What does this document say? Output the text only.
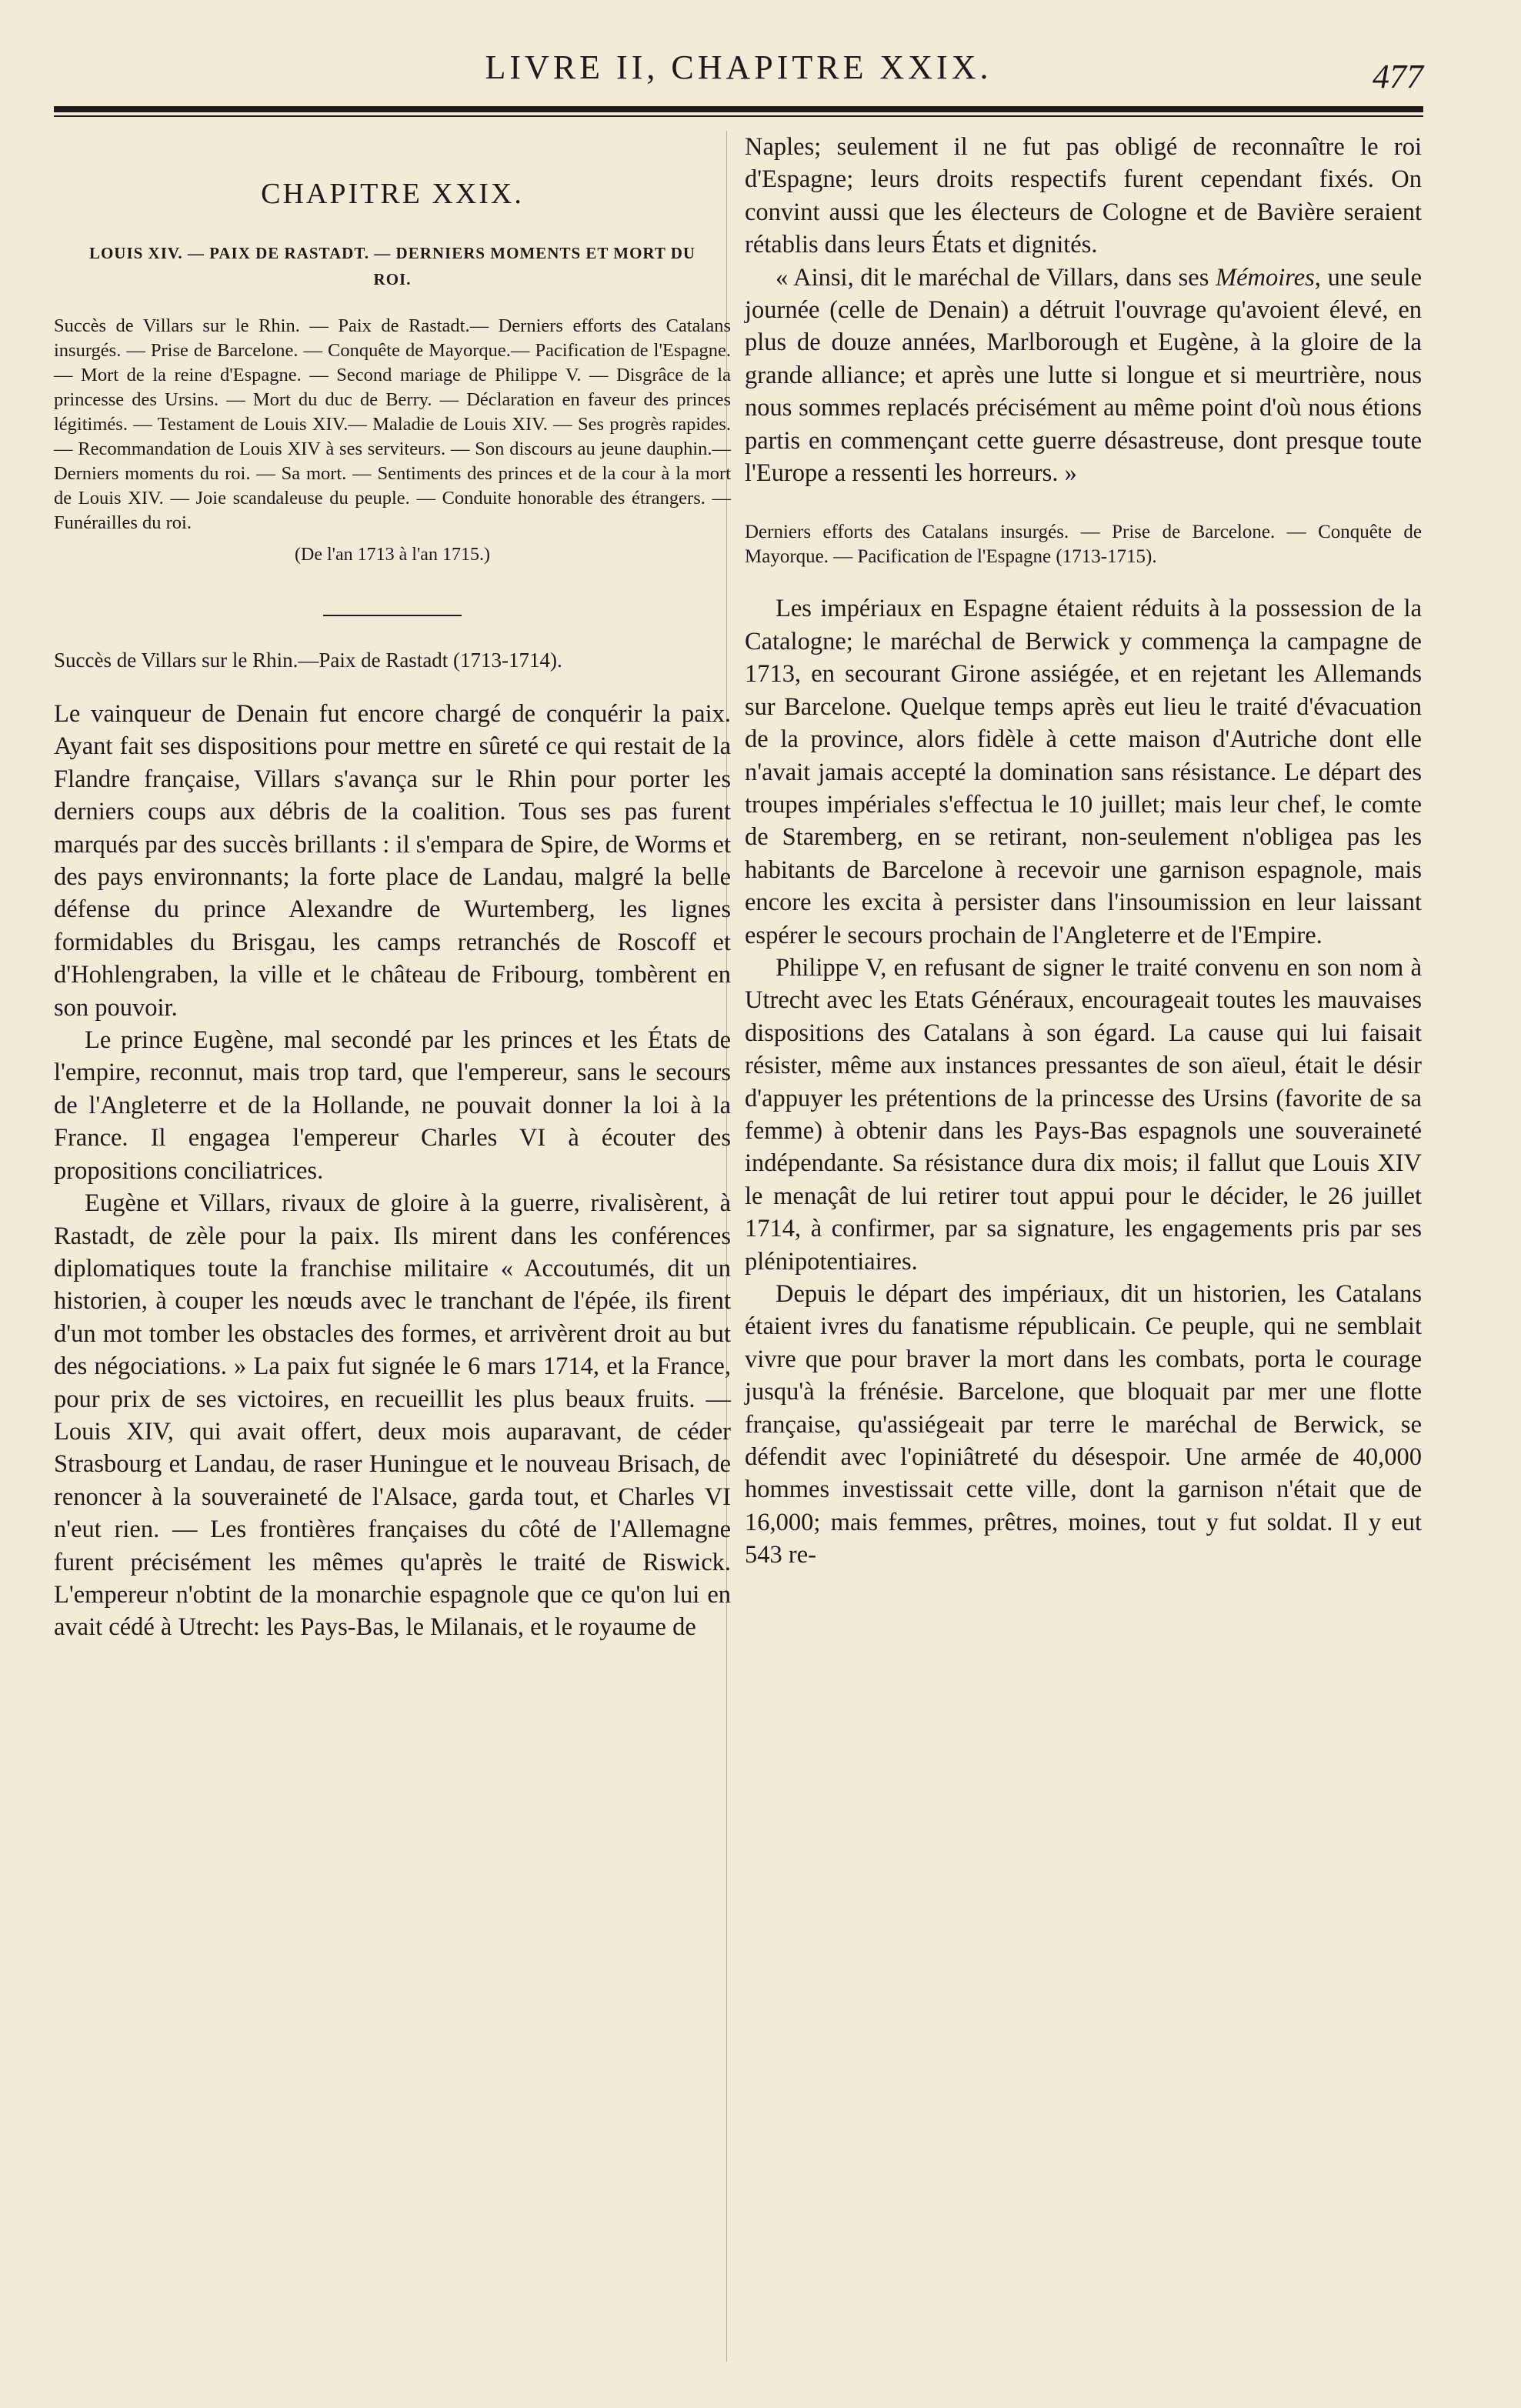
LIVRE II, CHAPITRE XXIX.	477
CHAPITRE XXIX.
LOUIS XIV. — PAIX DE RASTADT. — DERNIERS MOMENTS ET MORT DU ROI.
Succès de Villars sur le Rhin. — Paix de Rastadt.— Derniers efforts des Catalans insurgés. — Prise de Barcelone. — Conquête de Mayorque.— Pacification de l'Espagne. — Mort de la reine d'Espagne. — Second mariage de Philippe V. — Disgrâce de la princesse des Ursins. — Mort du duc de Berry. — Déclaration en faveur des princes légitimés. — Testament de Louis XIV.— Maladie de Louis XIV. — Ses progrès rapides. — Recommandation de Louis XIV à ses serviteurs. — Son discours au jeune dauphin.— Derniers moments du roi. — Sa mort. — Sentiments des princes et de la cour à la mort de Louis XIV. — Joie scandaleuse du peuple. — Conduite honorable des étrangers. — Funérailles du roi.
(De l'an 1713 à l'an 1715.)
Succès de Villars sur le Rhin.—Paix de Rastadt (1713-1714).

Le vainqueur de Denain fut encore chargé de conquérir la paix. Ayant fait ses dispositions pour mettre en sûreté ce qui restait de la Flandre française, Villars s'avança sur le Rhin pour porter les derniers coups aux débris de la coalition. Tous ses pas furent marqués par des succès brillants : il s'empara de Spire, de Worms et des pays environnants; la forte place de Landau, malgré la belle défense du prince Alexandre de Wurtemberg, les lignes formidables du Brisgau, les camps retranchés de Roscoff et d'Hohlengraben, la ville et le château de Fribourg, tombèrent en son pouvoir.

Le prince Eugène, mal secondé par les princes et les États de l'empire, reconnut, mais trop tard, que l'empereur, sans le secours de l'Angleterre et de la Hollande, ne pouvait donner la loi à la France. Il engagea l'empereur Charles VI à écouter des propositions conciliatrices.

Eugène et Villars, rivaux de gloire à la guerre, rivalisèrent, à Rastadt, de zèle pour la paix. Ils mirent dans les conférences diplomatiques toute la franchise militaire « Accoutumés, dit un historien, à couper les nœuds avec le tranchant de l'épée, ils firent d'un mot tomber les obstacles des formes, et arrivèrent droit au but des négociations. » La paix fut signée le 6 mars 1714, et la France, pour prix de ses victoires, en recueillit les plus beaux fruits. — Louis XIV, qui avait offert, deux mois auparavant, de céder Strasbourg et Landau, de raser Huningue et le nouveau Brisach, de renoncer à la souveraineté de l'Alsace, garda tout, et Charles VI n'eut rien. — Les frontières françaises du côté de l'Allemagne furent précisément les mêmes qu'après le traité de Riswick. L'empereur n'obtint de la monarchie espagnole que ce qu'on lui en avait cédé à Utrecht: les Pays-Bas, le Milanais, et le royaume de

Naples; seulement il ne fut pas obligé de reconnaître le roi d'Espagne; leurs droits respectifs furent cependant fixés. On convint aussi que les électeurs de Cologne et de Bavière seraient rétablis dans leurs États et dignités.

« Ainsi, dit le maréchal de Villars, dans ses Mémoires, une seule journée (celle de Denain) a détruit l'ouvrage qu'avoient élevé, en plus de douze années, Marlborough et Eugène, à la gloire de la grande alliance; et après une lutte si longue et si meurtrière, nous nous sommes replacés précisément au même point d'où nous étions partis en commençant cette guerre désastreuse, dont presque toute l'Europe a ressenti les horreurs. »

Derniers efforts des Catalans insurgés. — Prise de Barcelone. — Conquête de Mayorque. — Pacification de l'Espagne (1713-1715).

Les impériaux en Espagne étaient réduits à la possession de la Catalogne; le maréchal de Berwick y commença la campagne de 1713, en secourant Girone assiégée, et en rejetant les Allemands sur Barcelone. Quelque temps après eut lieu le traité d'évacuation de la province, alors fidèle à cette maison d'Autriche dont elle n'avait jamais accepté la domination sans résistance. Le départ des troupes impériales s'effectua le 10 juillet; mais leur chef, le comte de Staremberg, en se retirant, non-seulement n'obligea pas les habitants de Barcelone à recevoir une garnison espagnole, mais encore les excita à persister dans l'insoumission en leur laissant espérer le secours prochain de l'Angleterre et de l'Empire.

Philippe V, en refusant de signer le traité convenu en son nom à Utrecht avec les Etats Généraux, encourageait toutes les mauvaises dispositions des Catalans à son égard. La cause qui lui faisait résister, même aux instances pressantes de son aïeul, était le désir d'appuyer les prétentions de la princesse des Ursins (favorite de sa femme) à obtenir dans les Pays-Bas espagnols une souveraineté indépendante. Sa résistance dura dix mois; il fallut que Louis XIV le menaçât de lui retirer tout appui pour le décider, le 26 juillet 1714, à confirmer, par sa signature, les engagements pris par ses plénipotentiaires.

Depuis le départ des impériaux, dit un historien, les Catalans étaient ivres du fanatisme républicain. Ce peuple, qui ne semblait vivre que pour braver la mort dans les combats, porta le courage jusqu'à la frénésie. Barcelone, que bloquait par mer une flotte française, qu'assiégeait par terre le maréchal de Berwick, se défendit avec l'opiniâtreté du désespoir. Une armée de 40,000 hommes investissait cette ville, dont la garnison n'était que de 16,000; mais femmes, prêtres, moines, tout y fut soldat. Il y eut 543 re-
